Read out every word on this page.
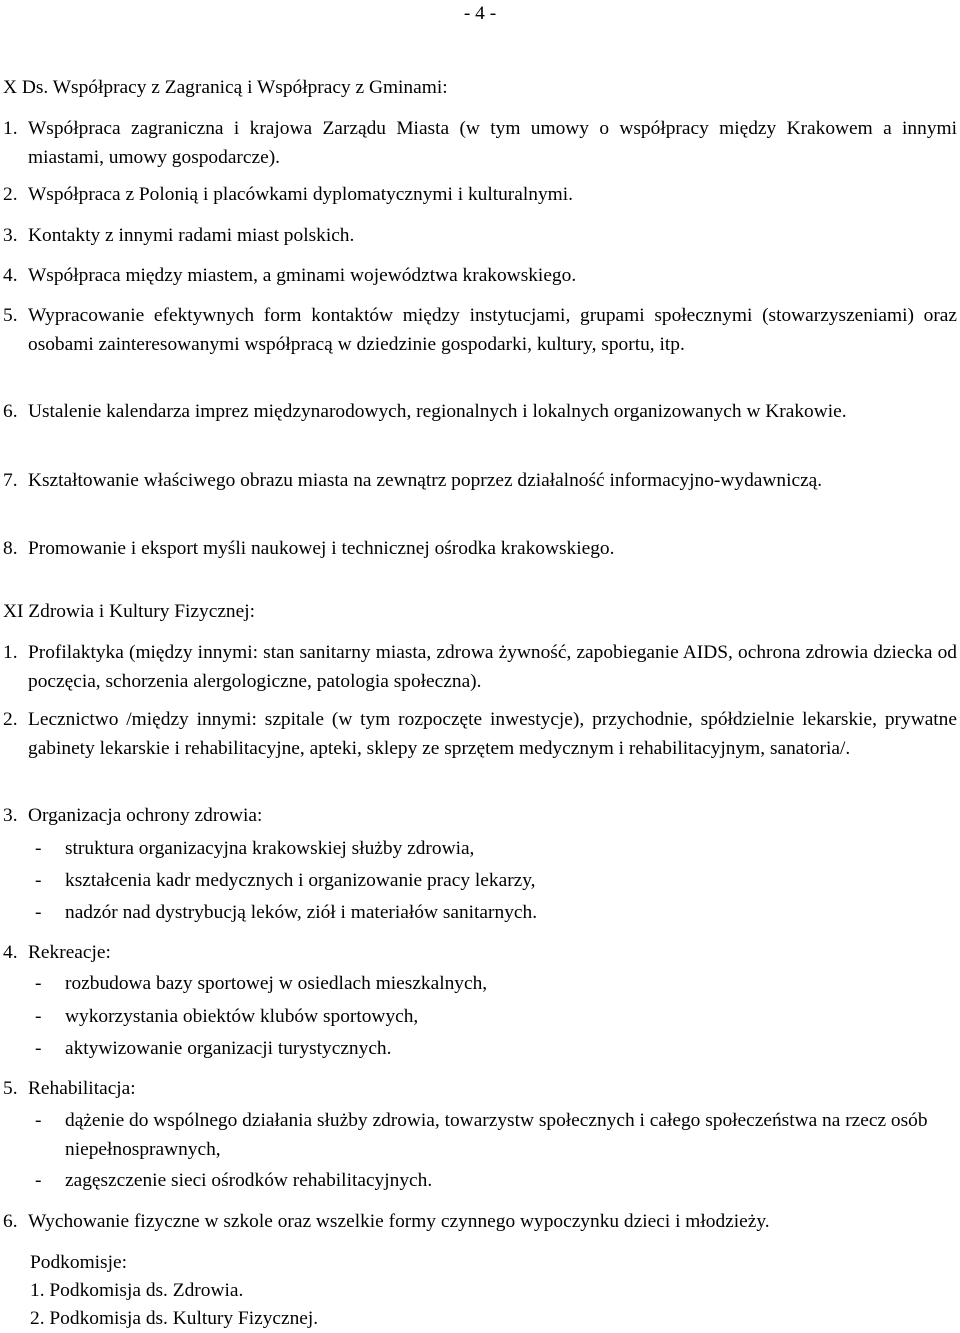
- 4 -
X Ds. Współpracy z Zagranicą i Współpracy z Gminami:
1. Współpraca zagraniczna i krajowa Zarządu Miasta (w tym umowy o współpracy między Krakowem a innymi miastami, umowy gospodarcze).
2. Współpraca z Polonią i placówkami dyplomatycznymi i kulturalnymi.
3. Kontakty z innymi radami miast polskich.
4. Współpraca między miastem, a gminami województwa krakowskiego.
5. Wypracowanie efektywnych form kontaktów między instytucjami, grupami społecznymi (stowarzyszeniami) oraz osobami zainteresowanymi współpracą w dziedzinie gospodarki, kultury, sportu, itp.
6. Ustalenie kalendarza imprez międzynarodowych, regionalnych i lokalnych organizowanych w Krakowie.
7. Kształtowanie właściwego obrazu miasta na zewnątrz poprzez działalność informacyjno-wydawniczą.
8. Promowanie i eksport myśli naukowej i technicznej ośrodka krakowskiego.
XI Zdrowia i Kultury Fizycznej:
1. Profilaktyka (między innymi: stan sanitarny miasta, zdrowa żywność, zapobieganie AIDS, ochrona zdrowia dziecka od poczęcia, schorzenia alergologiczne, patologia społeczna).
2. Lecznictwo /między innymi: szpitale (w tym rozpoczęte inwestycje), przychodnie, spółdzielnie lekarskie, prywatne gabinety lekarskie i rehabilitacyjne, apteki, sklepy ze sprzętem medycznym i rehabilitacyjnym, sanatoria/.
3. Organizacja ochrony zdrowia:
- struktura organizacyjna krakowskiej służby zdrowia,
- kształcenia kadr medycznych i organizowanie pracy lekarzy,
- nadzór nad dystrybucją leków, ziół i materiałów sanitarnych.
4. Rekreacje:
- rozbudowa bazy sportowej w osiedlach mieszkalnych,
- wykorzystania obiektów klubów sportowych,
- aktywizowanie organizacji turystycznych.
5. Rehabilitacja:
- dążenie do wspólnego działania służby zdrowia, towarzystw społecznych i całego społeczeństwa na rzecz osób niepełnosprawnych,
- zagęszczenie sieci ośrodków rehabilitacyjnych.
6. Wychowanie fizyczne w szkole oraz wszelkie formy czynnego wypoczynku dzieci i młodzieży.
Podkomisje:
1. Podkomisja ds. Zdrowia.
2. Podkomisja ds. Kultury Fizycznej.
